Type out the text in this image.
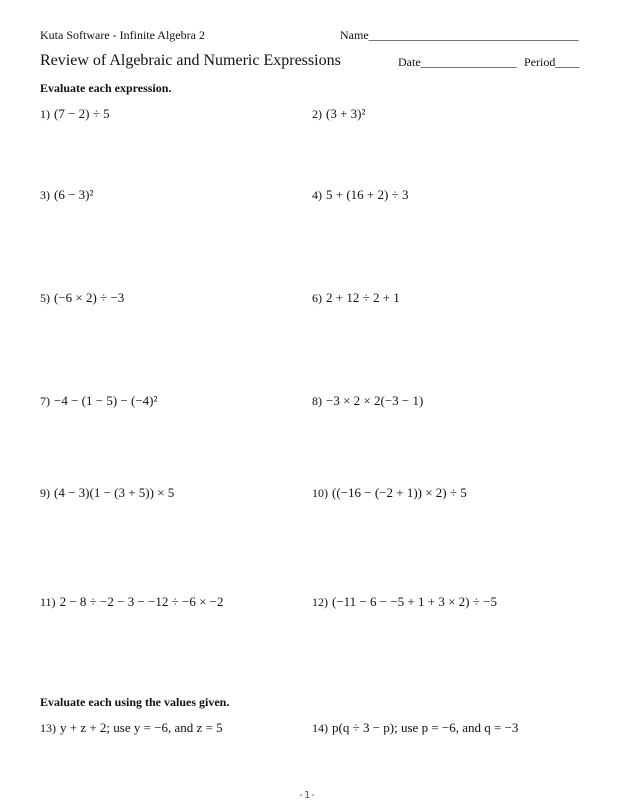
Kuta Software - Infinite Algebra 2	Name___________________________________
Review of Algebraic and Numeric Expressions	Date________________ Period____
Evaluate each expression.
1) (7 − 2) ÷ 5	2) (3 + 3)²
3) (6 − 3)²	4) 5 + (16 + 2) ÷ 3
5) (−6 × 2) ÷ −3	6) 2 + 12 ÷ 2 + 1
7) −4 − (1 − 5) − (−4)²	8) −3 × 2 × 2(−3 − 1)
9) (4 − 3)(1 − (3 + 5)) × 5	10) ((−16 − (−2 + 1)) × 2) ÷ 5
11) 2 − 8 ÷ −2 − 3 − −12 ÷ −6 × −2	12) (−11 − 6 − −5 + 1 + 3 × 2) ÷ −5
Evaluate each using the values given.
13) y + z + 2; use y = −6, and z = 5	14) p(q ÷ 3 − p); use p = −6, and q = −3
-1-
